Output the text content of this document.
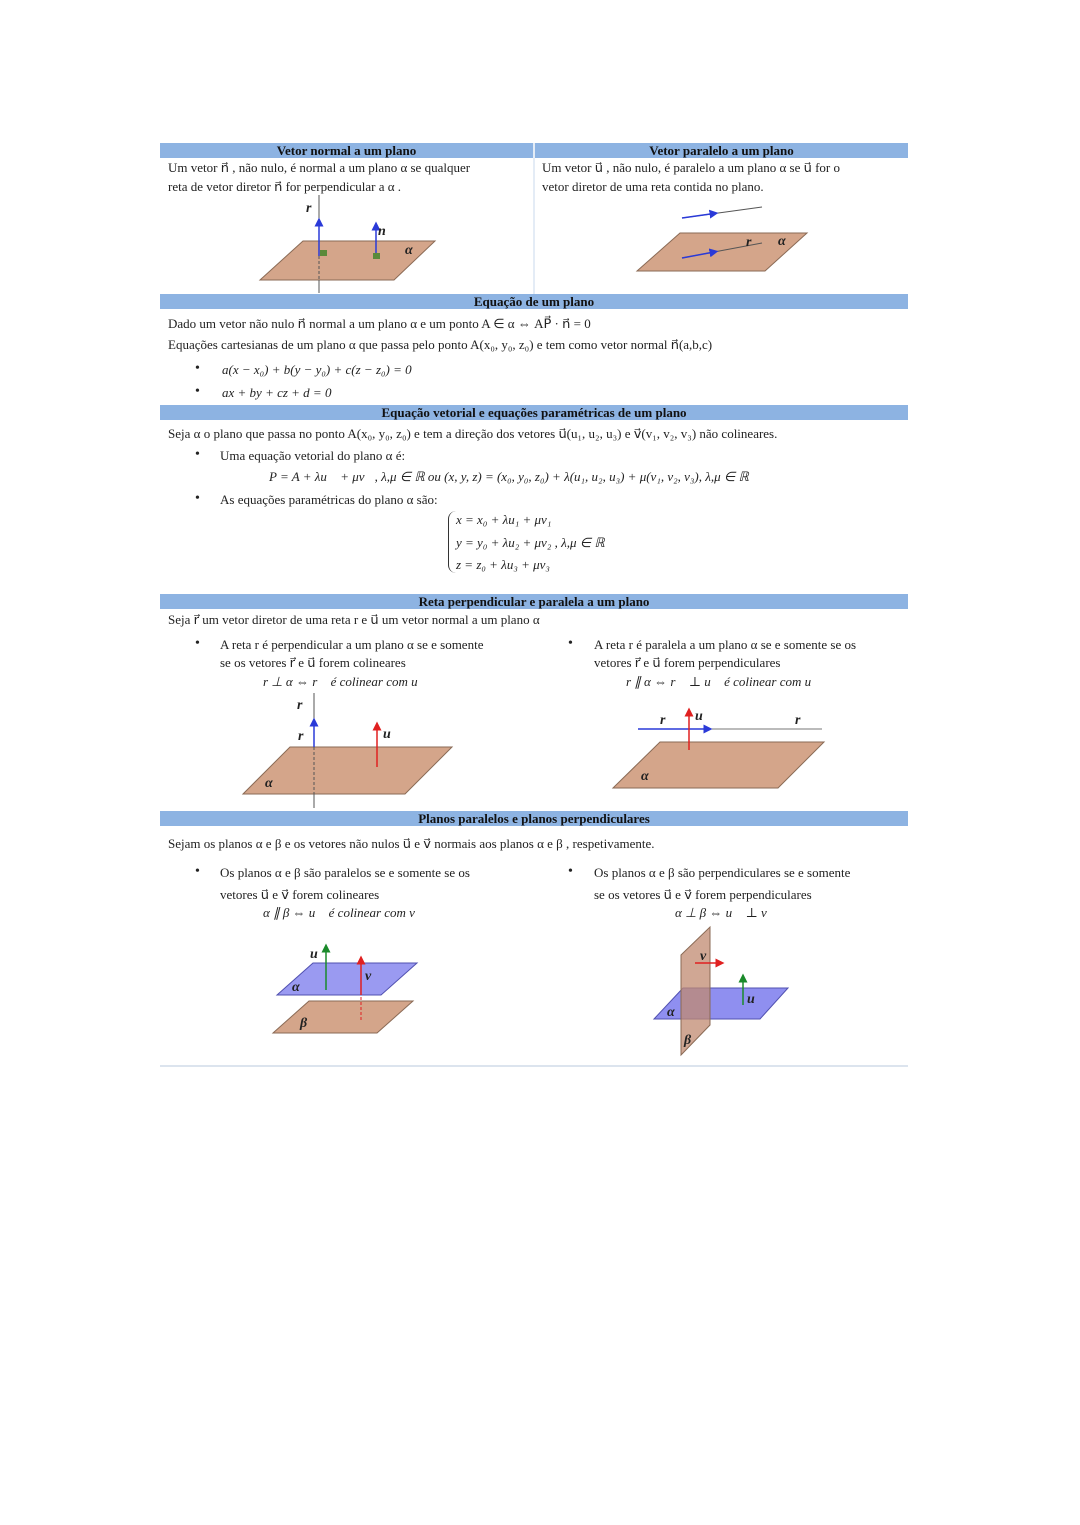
r
n⃗
α
r α
r
r⃗	u⃗
α
r⃗ u⃗	r
α
u⃗
v⃗
α
β
v⃗
u⃗
α
β
Vetor normal a um plano	Vetor paralelo a um plano
Um vetor n⃗ , não nulo, é normal a um plano α se qualquer
reta de vetor diretor n⃗ for perpendicular a α .
Um vetor u⃗ , não nulo, é paralelo a um plano α se u⃗ for o
vetor diretor de uma reta contida no plano.
Equação de um plano
Dado um vetor não nulo n⃗ normal a um plano α e um ponto A ∈ α ⇔ AP⃗ · n⃗ = 0
Equações cartesianas de um plano α que passa pelo ponto A(x₀, y₀, z₀) e tem como vetor normal n⃗(a,b,c)
• a(x − x₀) + b(y − y₀) + c(z − z₀) = 0
• ax + by + cz + d = 0
Equação vetorial e equações paramétricas de um plano
Seja α o plano que passa no ponto A(x₀, y₀, z₀) e tem a direção dos vetores u⃗(u₁, u₂, u₃) e v⃗(v₁, v₂, v₃) não colineares.
• Uma equação vetorial do plano α é:
P = A + λu⃗ + μv⃗, λ,μ ∈ ℝ ou (x, y, z) = (x₀, y₀, z₀) + λ(u₁, u₂, u₃) + μ(v₁, v₂, v₃), λ,μ ∈ ℝ
• As equações paramétricas do plano α são:
x = x₀ + λu₁ + μv₁
y = y₀ + λu₂ + μv₂ , λ,μ ∈ ℝ
z = z₀ + λu₃ + μv₃
Reta perpendicular e paralela a um plano
Seja r⃗ um vetor diretor de uma reta r e u⃗ um vetor normal a um plano α
• A reta r é perpendicular a um plano α se e somente
se os vetores r⃗ e u⃗ forem colineares
r ⊥ α ⇔ r⃗ é colinear com u⃗
• A reta r é paralela a um plano α se e somente se os
vetores r⃗ e u⃗ forem perpendiculares
r ∥ α ⇔ r⃗ ⊥ u⃗ é colinear com u⃗
Planos paralelos e planos perpendiculares
Sejam os planos α e β e os vetores não nulos u⃗ e v⃗ normais aos planos α e β , respetivamente.
• Os planos α e β são paralelos se e somente se os
vetores u⃗ e v⃗ forem colineares
α ∥ β ⇔ u⃗ é colinear com v⃗
• Os planos α e β são perpendiculares se e somente
se os vetores u⃗ e v⃗ forem perpendiculares
α ⊥ β ⇔ u⃗ ⊥ v⃗
